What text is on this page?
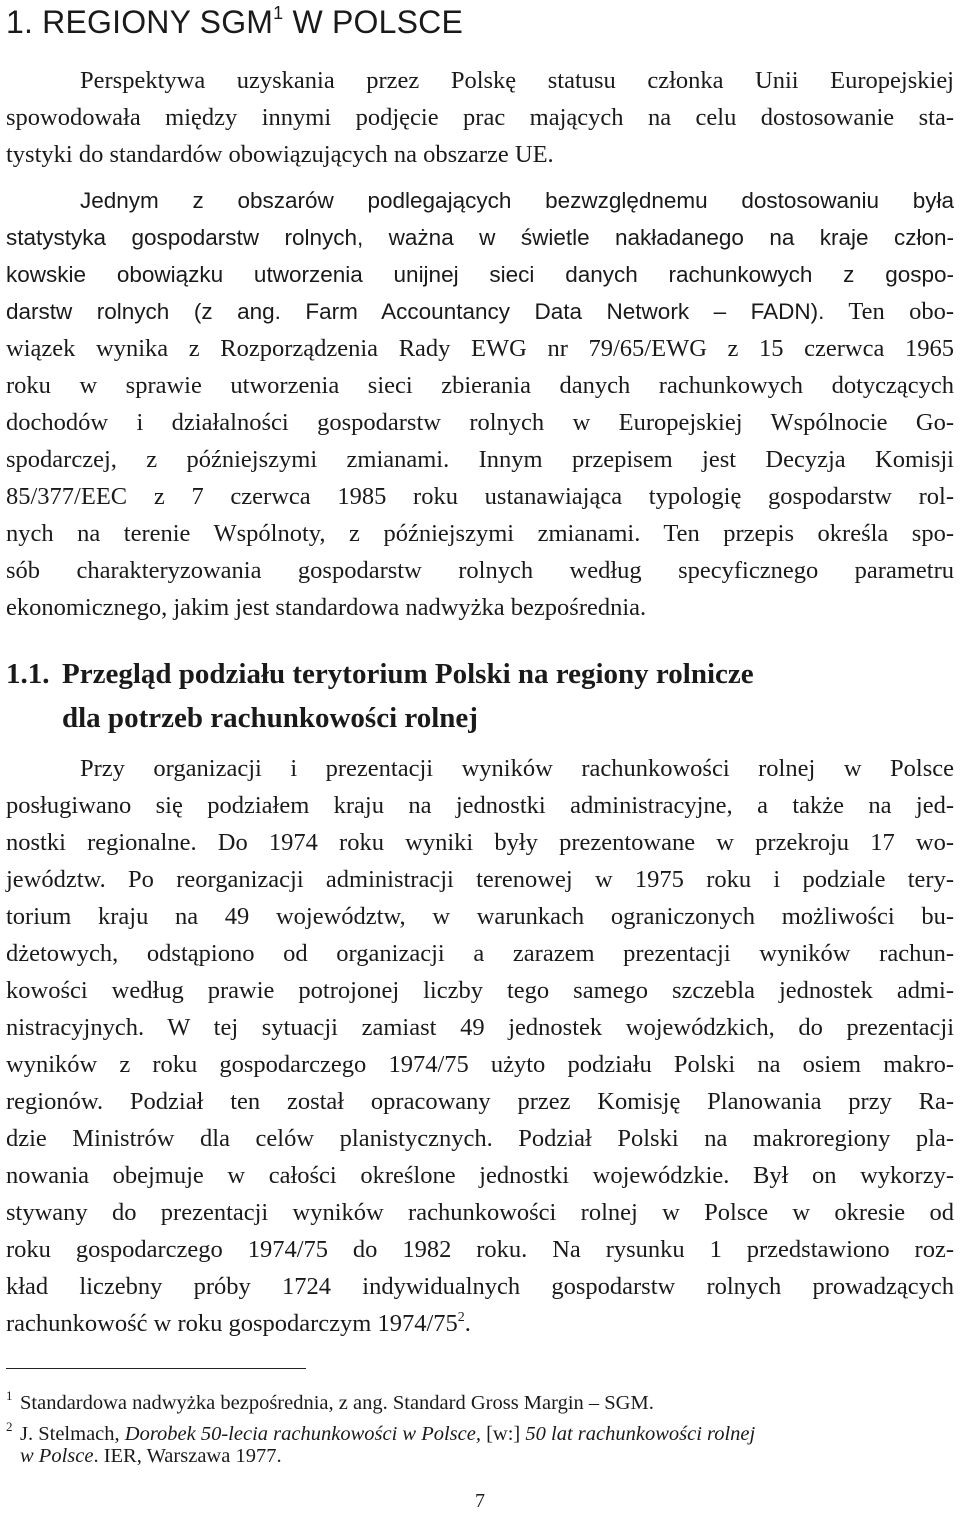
1. REGIONY SGM$^1$ W POLSCE
Perspektywa uzyskania przez Polskę statusu członka Unii Europejskiej
spowodowała między innymi podjęcie prac mających na celu dostosowanie sta-
tystyki do standardów obowiązujących na obszarze UE.
Jednym z obszarów podlegających bezwzględnemu dostosowaniu była
statystyka gospodarstw rolnych, ważna w świetle nakładanego na kraje człon-
kowskie obowiązku utworzenia unijnej sieci danych rachunkowych z gospo-
darstw rolnych (z ang. Farm Accountancy Data Network – FADN). Ten obo-
wiązek wynika z Rozporządzenia Rady EWG nr 79/65/EWG z 15 czerwca 1965
roku w sprawie utworzenia sieci zbierania danych rachunkowych dotyczących
dochodów i działalności gospodarstw rolnych w Europejskiej Wspólnocie Go-
spodarczej, z późniejszymi zmianami. Innym przepisem jest Decyzja Komisji
85/377/EEC z 7 czerwca 1985 roku ustanawiająca typologię gospodarstw rol-
nych na terenie Wspólnoty, z późniejszymi zmianami. Ten przepis określa spo-
sób charakteryzowania gospodarstw rolnych według specyficznego parametru
ekonomicznego, jakim jest standardowa nadwyżka bezpośrednia.
1.1. Przegląd podziału terytorium Polski na regiony rolnicze
dla potrzeb rachunkowości rolnej
Przy organizacji i prezentacji wyników rachunkowości rolnej w Polsce
posługiwano się podziałem kraju na jednostki administracyjne, a także na jed-
nostki regionalne. Do 1974 roku wyniki były prezentowane w przekroju 17 wo-
jewództw. Po reorganizacji administracji terenowej w 1975 roku i podziale tery-
torium kraju na 49 województw, w warunkach ograniczonych możliwości bu-
dżetowych, odstąpiono od organizacji a zarazem prezentacji wyników rachun-
kowości według prawie potrojonej liczby tego samego szczebla jednostek admi-
nistracyjnych. W tej sytuacji zamiast 49 jednostek wojewódzkich, do prezentacji
wyników z roku gospodarczego 1974/75 użyto podziału Polski na osiem makro-
regionów. Podział ten został opracowany przez Komisję Planowania przy Ra-
dzie Ministrów dla celów planistycznych. Podział Polski na makroregiony pla-
nowania obejmuje w całości określone jednostki wojewódzkie. Był on wykorzy-
stywany do prezentacji wyników rachunkowości rolnej w Polsce w okresie od
roku gospodarczego 1974/75 do 1982 roku. Na rysunku 1 przedstawiono roz-
kład liczebny próby 1724 indywidualnych gospodarstw rolnych prowadzących
rachunkowość w roku gospodarczym $1974/75^2$.
1 Standardowa nadwyżka bezpośrednia, z ang. Standard Gross Margin – SGM.
2 J. Stelmach, Dorobek 50-lecia rachunkowości w Polsce, [w:] 50 lat rachunkowości rolnej
w Polsce. IER, Warszawa 1977.
7
